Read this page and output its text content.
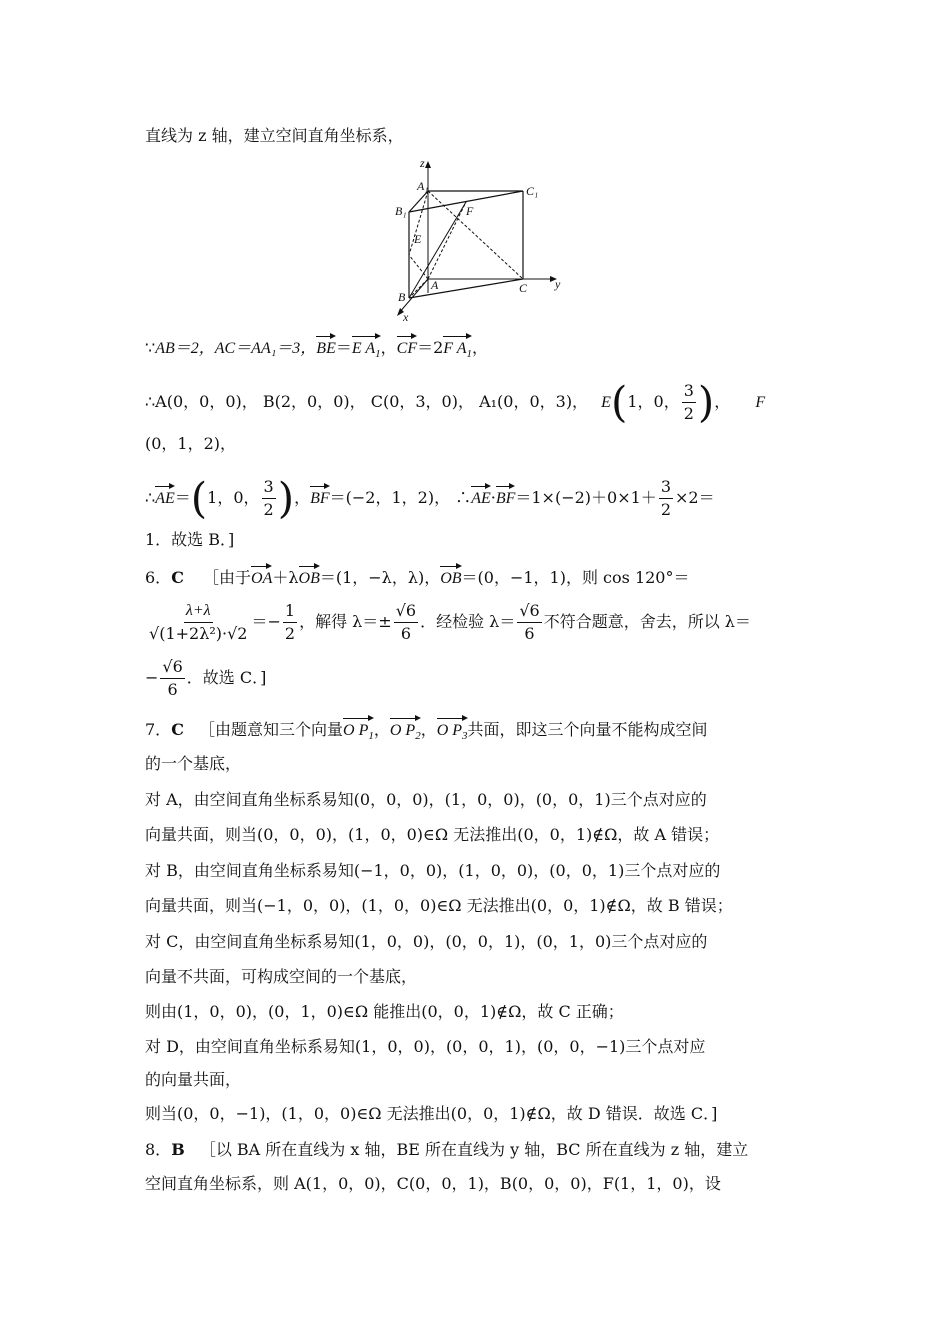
直线为 z 轴，建立空间直角坐标系，
z
y
x
A₁
B₁
C₁
A
B
C
E
F
∵AB＝2，AC＝AA₁＝3，BE＝E $A_1$，CF＝2F $A_1$，
∴A(0，0，0)， B(2，0，0)， C(0，3，0)， A₁(0，0，3)， E(1，0， $\frac{3}{2}$ )， F
(0，1，2)，
∴AE＝(1，0， $\frac{3}{2}$ )，BF＝(−2，1，2)， ∴AE·BF＝1×(−2)＋0×1＋ $\frac{3}{2} \times 2=$
1．故选 B．]
6．C ［由于OA＋λOB＝(1，−λ，λ)，OB＝(0，−1，1)，则 cos 120°＝
$\frac{\lambda+\lambda}{\text{√(1+2λ²)·√2}} =- \frac{1}{2}$ ，解得 $\lambda=\pm \frac{√6}{6}$ ．经检验 $\lambda= \frac{√6}{6}$ 不符合题意，舍去，所以 λ＝
− $\frac{√6}{6}$ ．故选 C．]
7．C ［由题意知三个向量O $P_1$，O $P_2$，O $P_3$共面，即这三个向量不能构成空间
的一个基底，
对 A，由空间直角坐标系易知(0，0，0)，(1，0，0)，(0，0，1)三个点对应的
向量共面，则当(0，0，0)，(1，0，0)∈Ω 无法推出(0，0，1)∉Ω，故 A 错误；
对 B，由空间直角坐标系易知(−1，0，0)，(1，0，0)，(0，0，1)三个点对应的
向量共面，则当(−1，0，0)，(1，0，0)∈Ω 无法推出(0，0，1)∉Ω，故 B 错误；
对 C，由空间直角坐标系易知(1，0，0)，(0，0，1)，(0，1，0)三个点对应的
向量不共面，可构成空间的一个基底，
则由(1，0，0)，(0，1，0)∈Ω 能推出(0，0，1)∉Ω，故 C 正确；
对 D，由空间直角坐标系易知(1，0，0)，(0，0，1)，(0，0，−1)三个点对应
的向量共面，
则当(0，0，−1)，(1，0，0)∈Ω 无法推出(0，0，1)∉Ω，故 D 错误．故选 C．]
8．B ［以 BA 所在直线为 x 轴，BE 所在直线为 y 轴，BC 所在直线为 z 轴，建立
空间直角坐标系，则 A(1，0，0)，C(0，0，1)，B(0，0，0)，F(1，1，0)，设
